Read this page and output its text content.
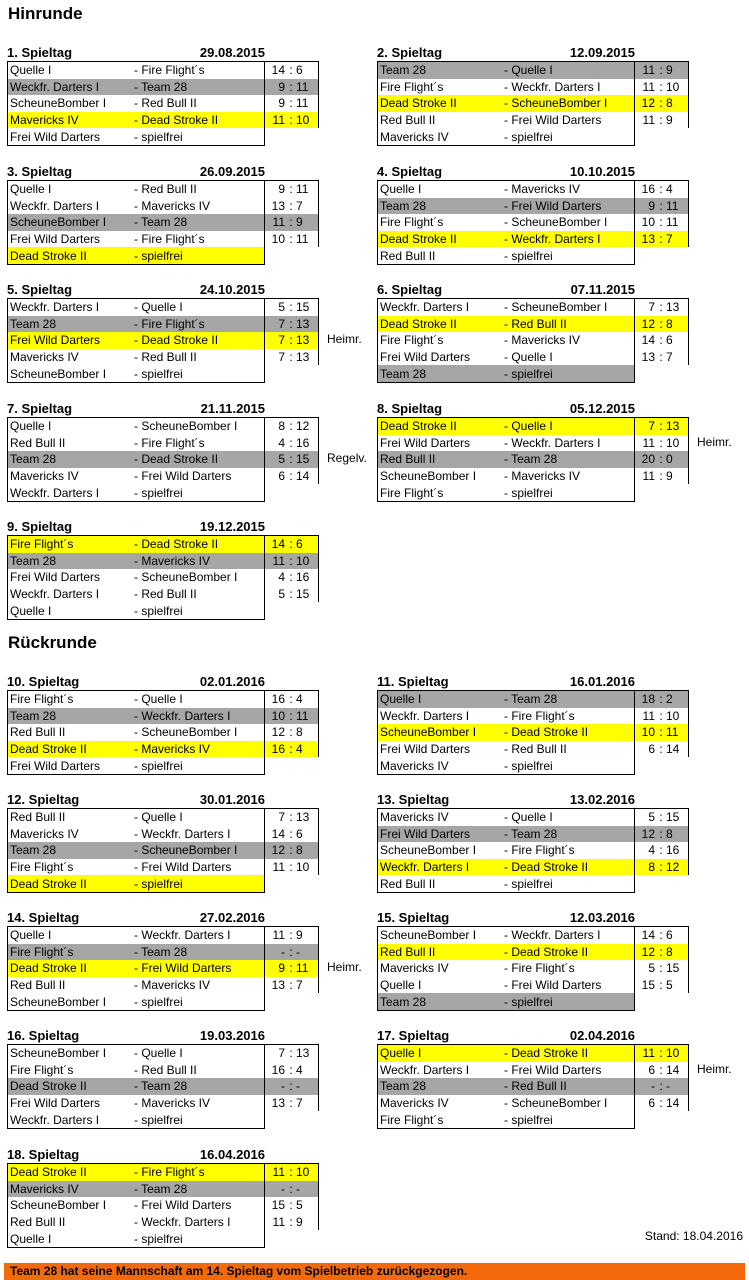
Hinrunde
Rückrunde
1. Spieltag	29.08.2015
Quelle I	- Fire Flight´s	14	:	6
Weckfr. Darters I	- Team 28	9	:	11
ScheuneBomber I	- Red Bull II	9	:	11
Mavericks IV	- Dead Stroke II	11	:	10
Frei Wild Darters	- spielfrei			
2. Spieltag	12.09.2015
Team 28	- Quelle I	11	:	9
Fire Flight´s	- Weckfr. Darters I	11	:	10
Dead Stroke II	- ScheuneBomber I	12	:	8
Red Bull II	- Frei Wild Darters	11	:	9
Mavericks IV	- spielfrei			
3. Spieltag	26.09.2015
Quelle I	- Red Bull II	9	:	11
Weckfr. Darters I	- Mavericks IV	13	:	7
ScheuneBomber I	- Team 28	11	:	9
Frei Wild Darters	- Fire Flight´s	10	:	11
Dead Stroke II	- spielfrei			
4. Spieltag	10.10.2015
Quelle I	- Mavericks IV	16	:	4
Team 28	- Frei Wild Darters	9	:	11
Fire Flight´s	- ScheuneBomber I	10	:	11
Dead Stroke II	- Weckfr. Darters I	13	:	7
Red Bull II	- spielfrei			
5. Spieltag	24.10.2015
Weckfr. Darters I	- Quelle I	5	:	15
Team 28	- Fire Flight´s	7	:	13
Frei Wild Darters	- Dead Stroke II	7	:	13
Mavericks IV	- Red Bull II	7	:	13
ScheuneBomber I	- spielfrei			
Heimr.
6. Spieltag	07.11.2015
Weckfr. Darters I	- ScheuneBomber I	7	:	13
Dead Stroke II	- Red Bull II	12	:	8
Fire Flight´s	- Mavericks IV	14	:	6
Frei Wild Darters	- Quelle I	13	:	7
Team 28	- spielfrei			
7. Spieltag	21.11.2015
Quelle I	- ScheuneBomber I	8	:	12
Red Bull II	- Fire Flight´s	4	:	16
Team 28	- Dead Stroke II	5	:	15
Mavericks IV	- Frei Wild Darters	6	:	14
Weckfr. Darters I	- spielfrei			
Regelv.
8. Spieltag	05.12.2015
Dead Stroke II	- Quelle I	7	:	13
Frei Wild Darters	- Weckfr. Darters I	11	:	10
Red Bull II	- Team 28	20	:	0
ScheuneBomber I	- Mavericks IV	11	:	9
Fire Flight´s	- spielfrei			
Heimr.
9. Spieltag	19.12.2015
Fire Flight´s	- Dead Stroke II	14	:	6
Team 28	- Mavericks IV	11	:	10
Frei Wild Darters	- ScheuneBomber I	4	:	16
Weckfr. Darters I	- Red Bull II	5	:	15
Quelle I	- spielfrei			
10. Spieltag	02.01.2016
Fire Flight´s	- Quelle I	16	:	4
Team 28	- Weckfr. Darters I	10	:	11
Red Bull II	- ScheuneBomber I	12	:	8
Dead Stroke II	- Mavericks IV	16	:	4
Frei Wild Darters	- spielfrei			
11. Spieltag	16.01.2016
Quelle I	- Team 28	18	:	2
Weckfr. Darters I	- Fire Flight´s	11	:	10
ScheuneBomber I	- Dead Stroke II	10	:	11
Frei Wild Darters	- Red Bull II	6	:	14
Mavericks IV	- spielfrei			
12. Spieltag	30.01.2016
Red Bull II	- Quelle I	7	:	13
Mavericks IV	- Weckfr. Darters I	14	:	6
Team 28	- ScheuneBomber I	12	:	8
Fire Flight´s	- Frei Wild Darters	11	:	10
Dead Stroke II	- spielfrei			
13. Spieltag	13.02.2016
Mavericks IV	- Quelle I	5	:	15
Frei Wild Darters	- Team 28	12	:	8
ScheuneBomber I	- Fire Flight´s	4	:	16
Weckfr. Darters I	- Dead Stroke II	8	:	12
Red Bull II	- spielfrei			
14. Spieltag	27.02.2016
Quelle I	- Weckfr. Darters I	11	:	9
Fire Flight´s	- Team 28	-	:	-
Dead Stroke II	- Frei Wild Darters	9	:	11
Red Bull II	- Mavericks IV	13	:	7
ScheuneBomber I	- spielfrei			
Heimr.
15. Spieltag	12.03.2016
ScheuneBomber I	- Weckfr. Darters I	14	:	6
Red Bull II	- Dead Stroke II	12	:	8
Mavericks IV	- Fire Flight´s	5	:	15
Quelle I	- Frei Wild Darters	15	:	5
Team 28	- spielfrei			
16. Spieltag	19.03.2016
ScheuneBomber I	- Quelle I	7	:	13
Fire Flight´s	- Red Bull II	16	:	4
Dead Stroke II	- Team 28	-	:	-
Frei Wild Darters	- Mavericks IV	13	:	7
Weckfr. Darters I	- spielfrei			
17. Spieltag	02.04.2016
Quelle I	- Dead Stroke II	11	:	10
Weckfr. Darters I	- Frei Wild Darters	6	:	14
Team 28	- Red Bull II	-	:	-
Mavericks IV	- ScheuneBomber I	6	:	14
Fire Flight´s	- spielfrei			
Heimr.
18. Spieltag	16.04.2016
Dead Stroke II	- Fire Flight´s	11	:	10
Mavericks IV	- Team 28	-	:	-
ScheuneBomber I	- Frei Wild Darters	15	:	5
Red Bull II	- Weckfr. Darters I	11	:	9
Quelle I	- spielfrei				Stand: 18.04.2016
Team 28 hat seine Mannschaft am 14. Spieltag vom Spielbetrieb zurückgezogen.
